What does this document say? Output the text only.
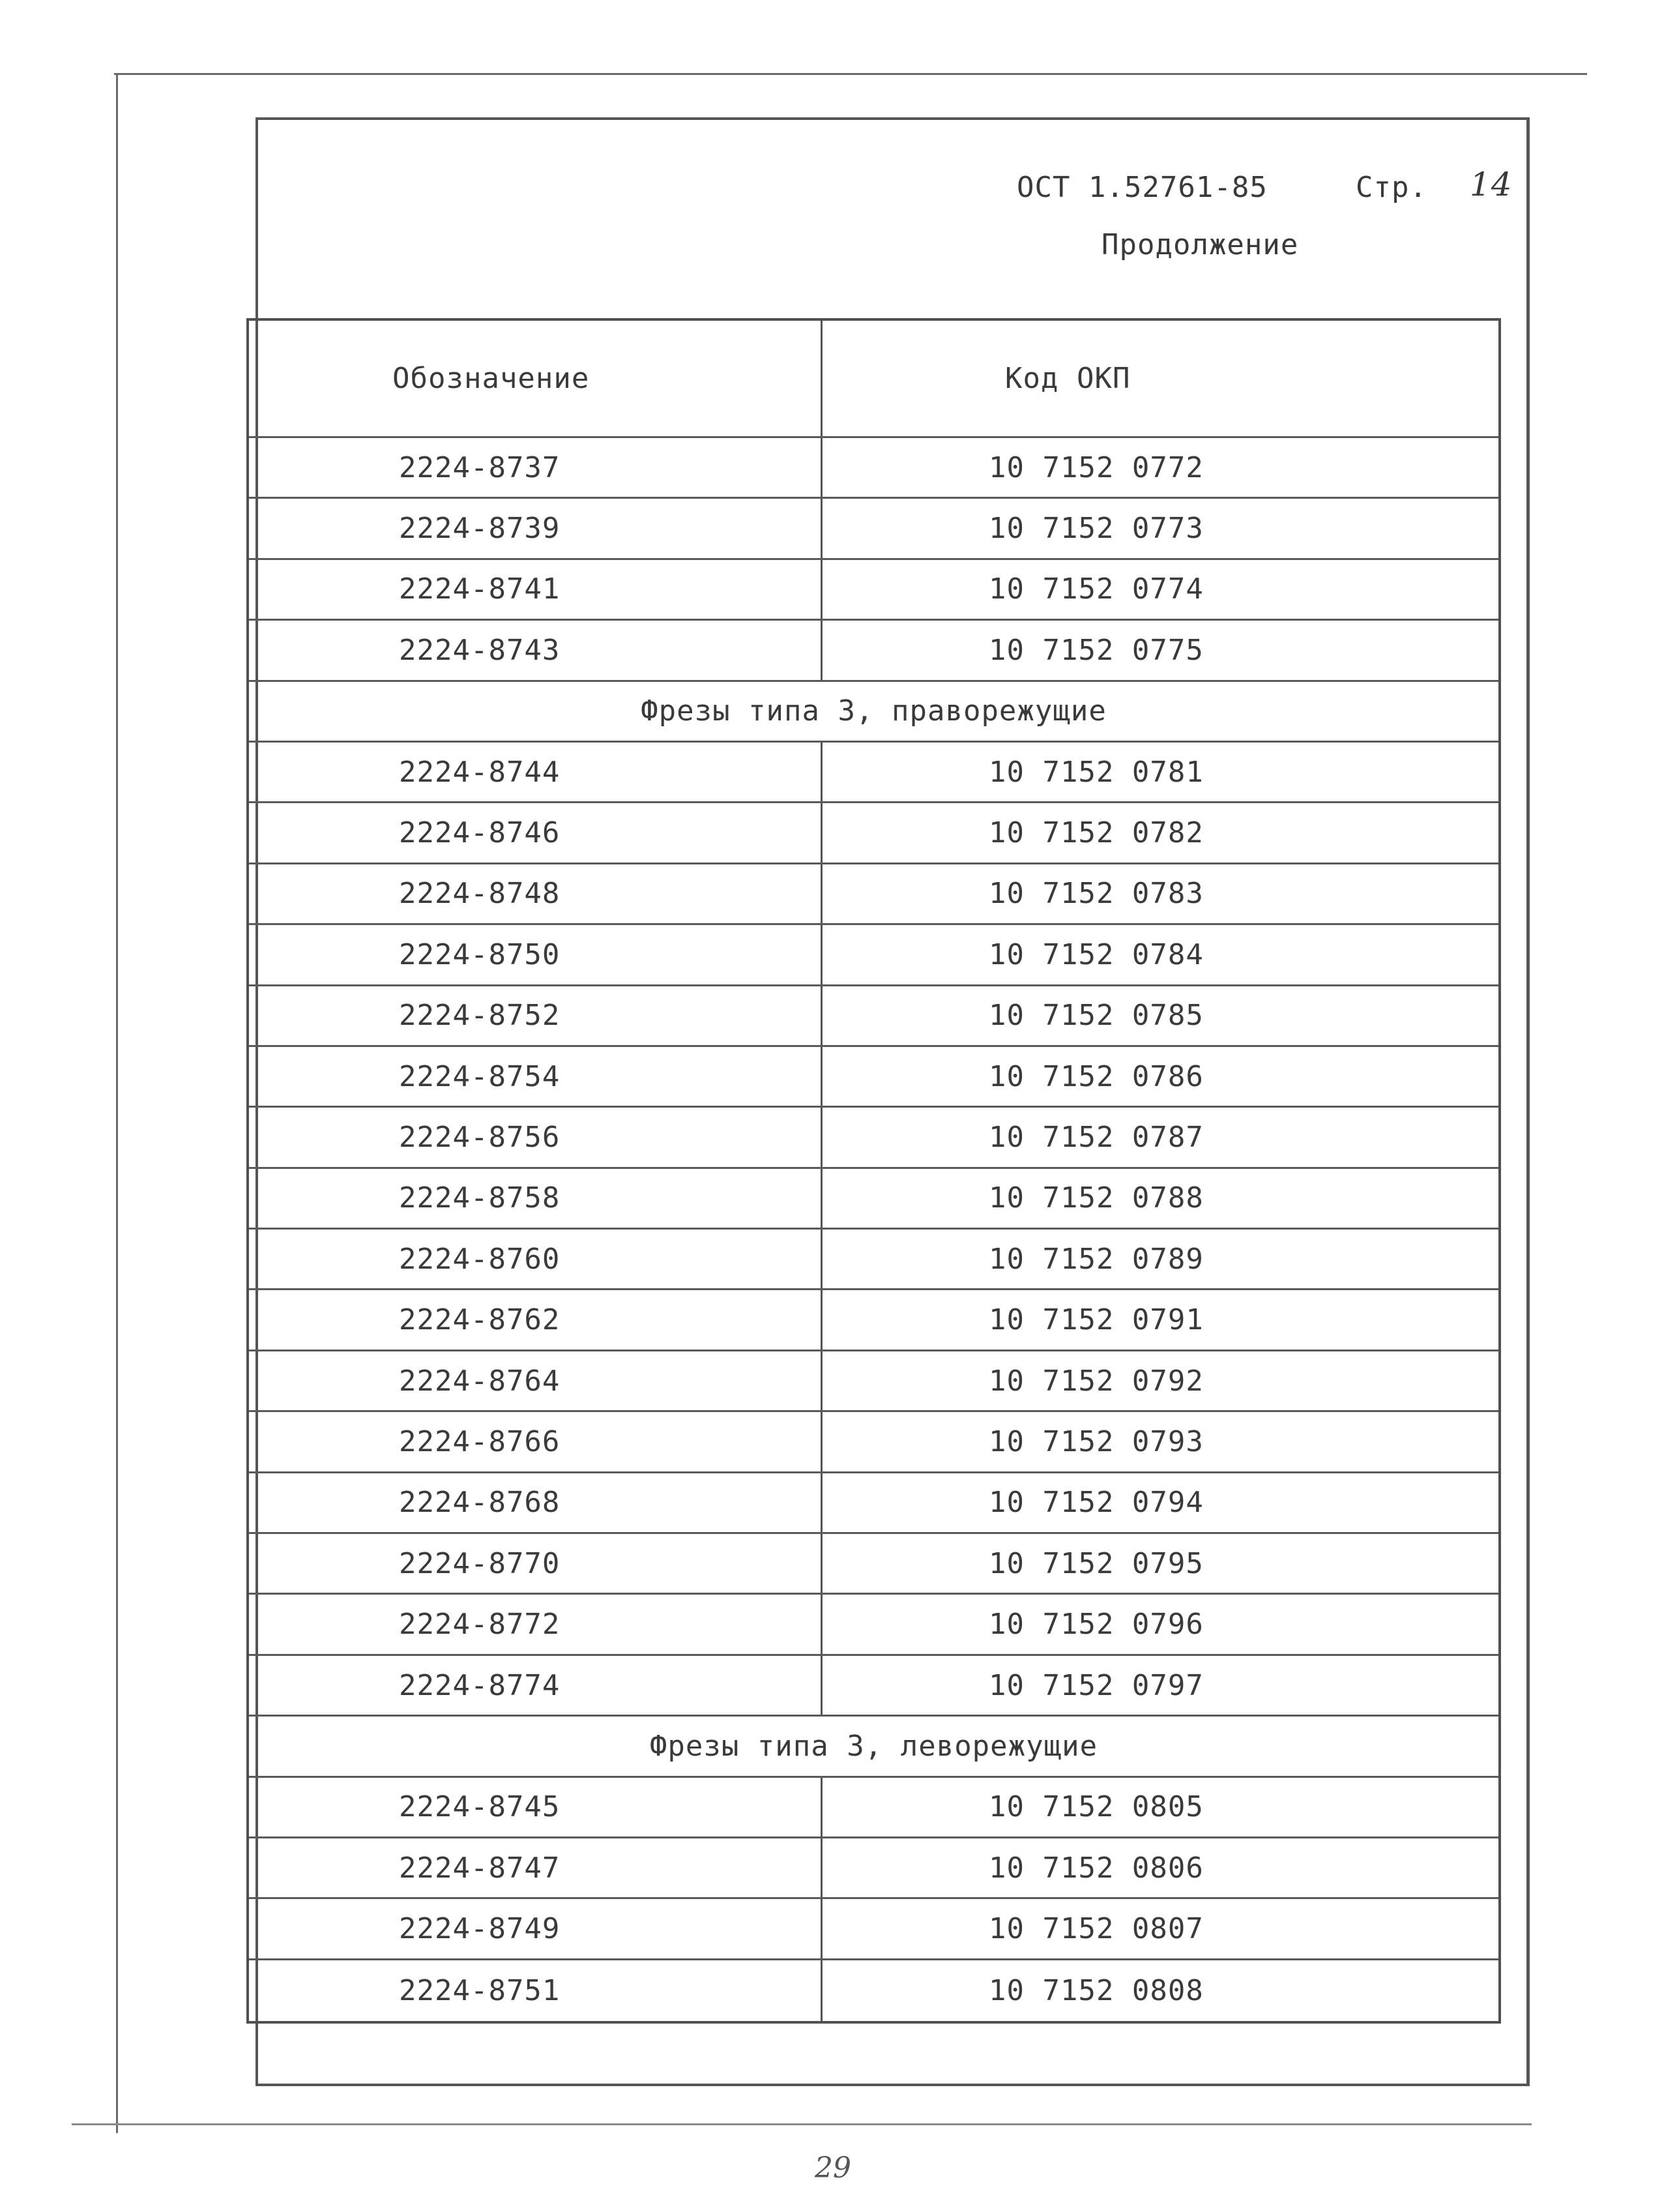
ОСТ 1.52761-85	Стр. 14
Продолжение
Обозначение	Код ОКП
2224-8737	10 7152 0772
2224-8739	10 7152 0773
2224-8741	10 7152 0774
2224-8743	10 7152 0775
Фрезы типа 3, праворежущие
2224-8744	10 7152 0781
2224-8746	10 7152 0782
2224-8748	10 7152 0783
2224-8750	10 7152 0784
2224-8752	10 7152 0785
2224-8754	10 7152 0786
2224-8756	10 7152 0787
2224-8758	10 7152 0788
2224-8760	10 7152 0789
2224-8762	10 7152 0791
2224-8764	10 7152 0792
2224-8766	10 7152 0793
2224-8768	10 7152 0794
2224-8770	10 7152 0795
2224-8772	10 7152 0796
2224-8774	10 7152 0797
Фрезы типа 3, леворежущие
2224-8745	10 7152 0805
2224-8747	10 7152 0806
2224-8749	10 7152 0807
2224-8751	10 7152 0808
29
